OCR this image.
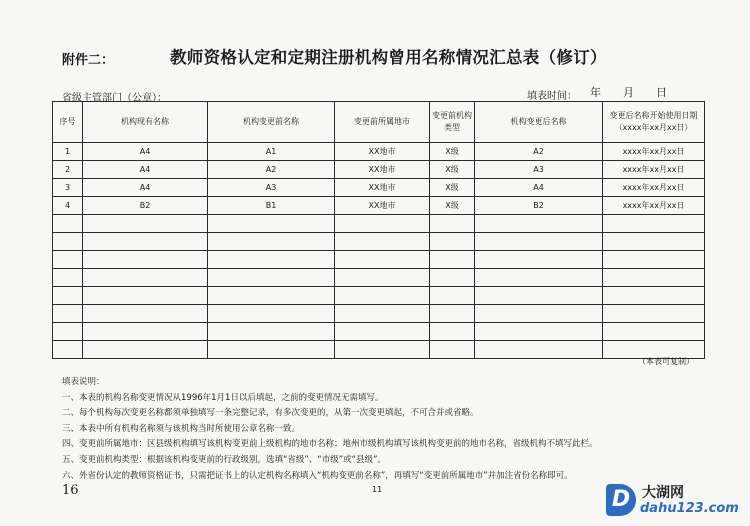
附件二：	教师资格认定和定期注册机构曾用名称情况汇总表（修订）
省级主管部门（公章）：	填表时间： 年　　月　　日
序号	机构现有名称	机构变更前名称	变更前所属地市	变更前机构类型	机构变更后名称	变更后名称开始使用日期（xxxx年xx月xx日）
1	A4	A1	XX地市	X级	A2	xxxx年xx月xx日
2	A4	A2	XX地市	X级	A3	xxxx年xx月xx日
3	A4	A3	XX地市	X级	A4	xxxx年xx月xx日
4	B2	B1	XX地市	X级	B2	xxxx年xx月xx日

（本表可复制）
填表说明：
一、本表的机构名称变更情况从1996年1月1日以后填起，之前的变更情况无需填写。
二、每个机构每次变更名称都须单独填写一条完整记录，有多次变更的，从第一次变更填起，不可合并或省略。
三、本表中所有机构名称须与该机构当时所使用公章名称一致。
四、变更前所属地市：区县级机构填写该机构变更前上级机构的地市名称；地州市级机构填写该机构变更前的地市名称，省级机构不填写此栏。
五、变更前机构类型：根据该机构变更前的行政级别，选填“省级”、“市级”或“县级”。
六、外省份认定的教师资格证书，只需把证书上的认定机构名称填入“机构变更前名称”，再填写“变更前所属地市”并加注省份名称即可。
16	11	D 大湖网
dahu123.com
